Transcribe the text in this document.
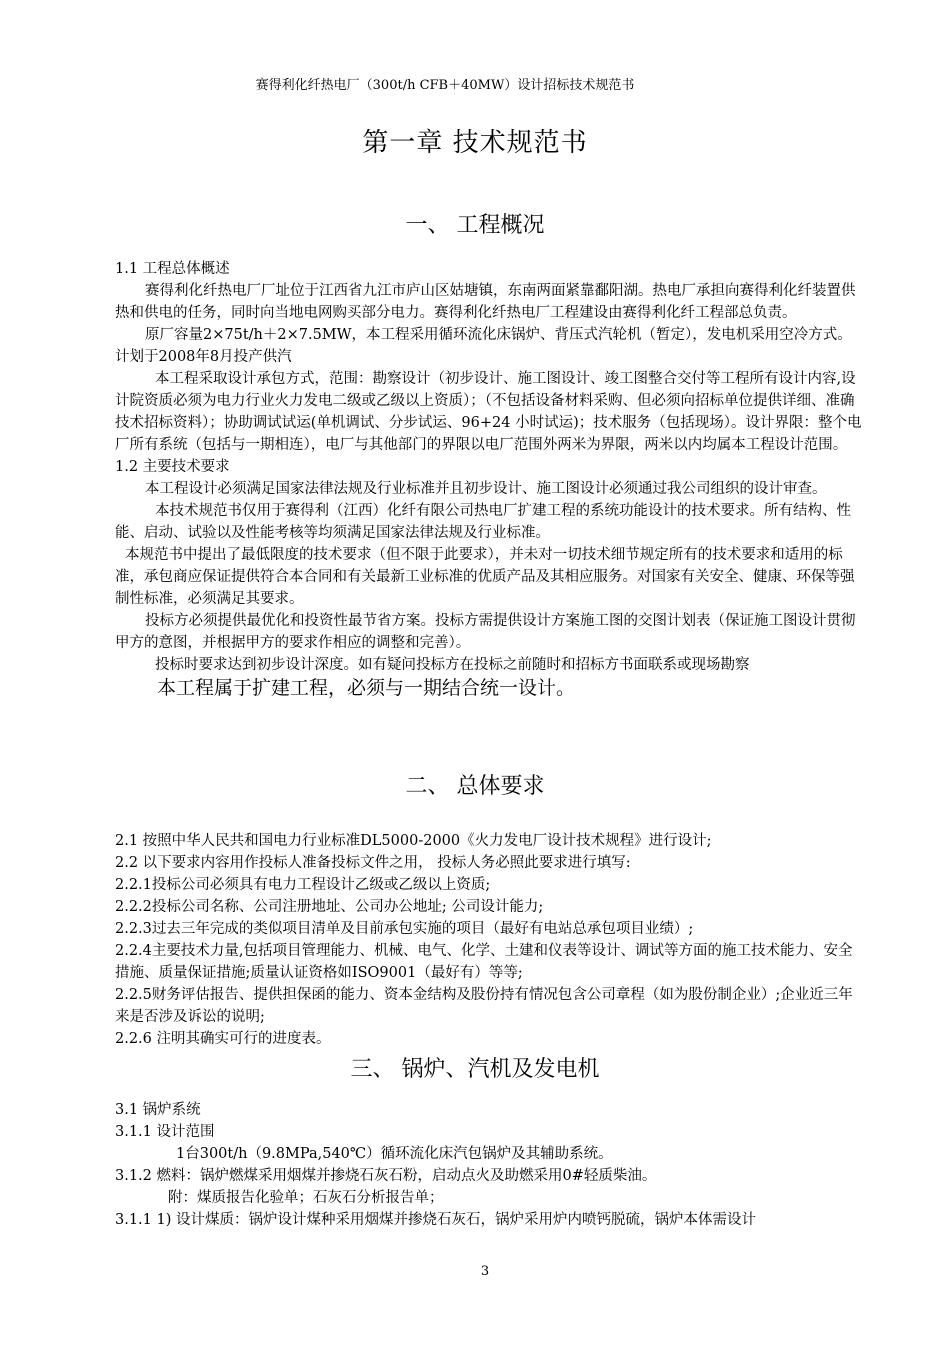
赛得利化纤热电厂（300t/h CFB＋40MW）设计招标技术规范书
第一章 技术规范书
一、 工程概况

1.1 工程总体概述

赛得利化纤热电厂厂址位于江西省九江市庐山区姑塘镇，东南两面紧靠鄱阳湖。热电厂承担向赛得利化纤装置供热和供电的任务，同时向当地电网购买部分电力。赛得利化纤热电厂工程建设由赛得利化纤工程部总负责。

原厂容量2×75t/h＋2×7.5MW，本工程采用循环流化床锅炉、背压式汽轮机（暂定），发电机采用空冷方式。计划于2008年8月投产供汽

本工程采取设计承包方式，范围：勘察设计（初步设计、施工图设计、竣工图整合交付等工程所有设计内容,设计院资质必须为电力行业火力发电二级或乙级以上资质）；（不包括设备材料采购、但必须向招标单位提供详细、准确技术招标资料）；协助调试试运(单机调试、分步试运、96+24 小时试运)；技术服务（包括现场）。设计界限：整个电厂所有系统（包括与一期相连），电厂与其他部门的界限以电厂范围外两米为界限，两米以内均属本工程设计范围。

1.2 主要技术要求

本工程设计必须满足国家法律法规及行业标准并且初步设计、施工图设计必须通过我公司组织的设计审查。

本技术规范书仅用于赛得利（江西）化纤有限公司热电厂扩建工程的系统功能设计的技术要求。所有结构、性能、启动、试验以及性能考核等均须满足国家法律法规及行业标准。

本规范书中提出了最低限度的技术要求（但不限于此要求），并未对一切技术细节规定所有的技术要求和适用的标准，承包商应保证提供符合本合同和有关最新工业标准的优质产品及其相应服务。对国家有关安全、健康、环保等强制性标准，必须满足其要求。

投标方必须提供最优化和投资性最节省方案。投标方需提供设计方案施工图的交图计划表（保证施工图设计贯彻甲方的意图，并根据甲方的要求作相应的调整和完善）。

投标时要求达到初步设计深度。如有疑问投标方在投标之前随时和招标方书面联系或现场勘察

本工程属于扩建工程，必须与一期结合统一设计。

二、 总体要求

2.1 按照中华人民共和国电力行业标准DL5000-2000《火力发电厂设计技术规程》进行设计;

2.2 以下要求内容用作投标人准备投标文件之用， 投标人务必照此要求进行填写:

2.2.1投标公司必须具有电力工程设计乙级或乙级以上资质;

2.2.2投标公司名称、公司注册地址、公司办公地址; 公司设计能力;

2.2.3过去三年完成的类似项目清单及目前承包实施的项目（最好有电站总承包项目业绩）;

2.2.4主要技术力量,包括项目管理能力、机械、电气、化学、土建和仪表等设计、调试等方面的施工技术能力、安全措施、质量保证措施;质量认证资格如ISO9001（最好有）等等;

2.2.5财务评估报告、提供担保函的能力、资本金结构及股份持有情况包含公司章程（如为股份制企业）;企业近三年来是否涉及诉讼的说明;

2.2.6 注明其确实可行的进度表。

三、 锅炉、汽机及发电机

3.1 锅炉系统

3.1.1 设计范围

1台300t/h（9.8MPa,540℃）循环流化床汽包锅炉及其辅助系统。

3.1.2 燃料：锅炉燃煤采用烟煤并掺烧石灰石粉，启动点火及助燃采用0#轻质柴油。

附：煤质报告化验单；石灰石分析报告单；

3.1.1 1) 设计煤质：锅炉设计煤种采用烟煤并掺烧石灰石，锅炉采用炉内喷钙脱硫，锅炉本体需设计

3
